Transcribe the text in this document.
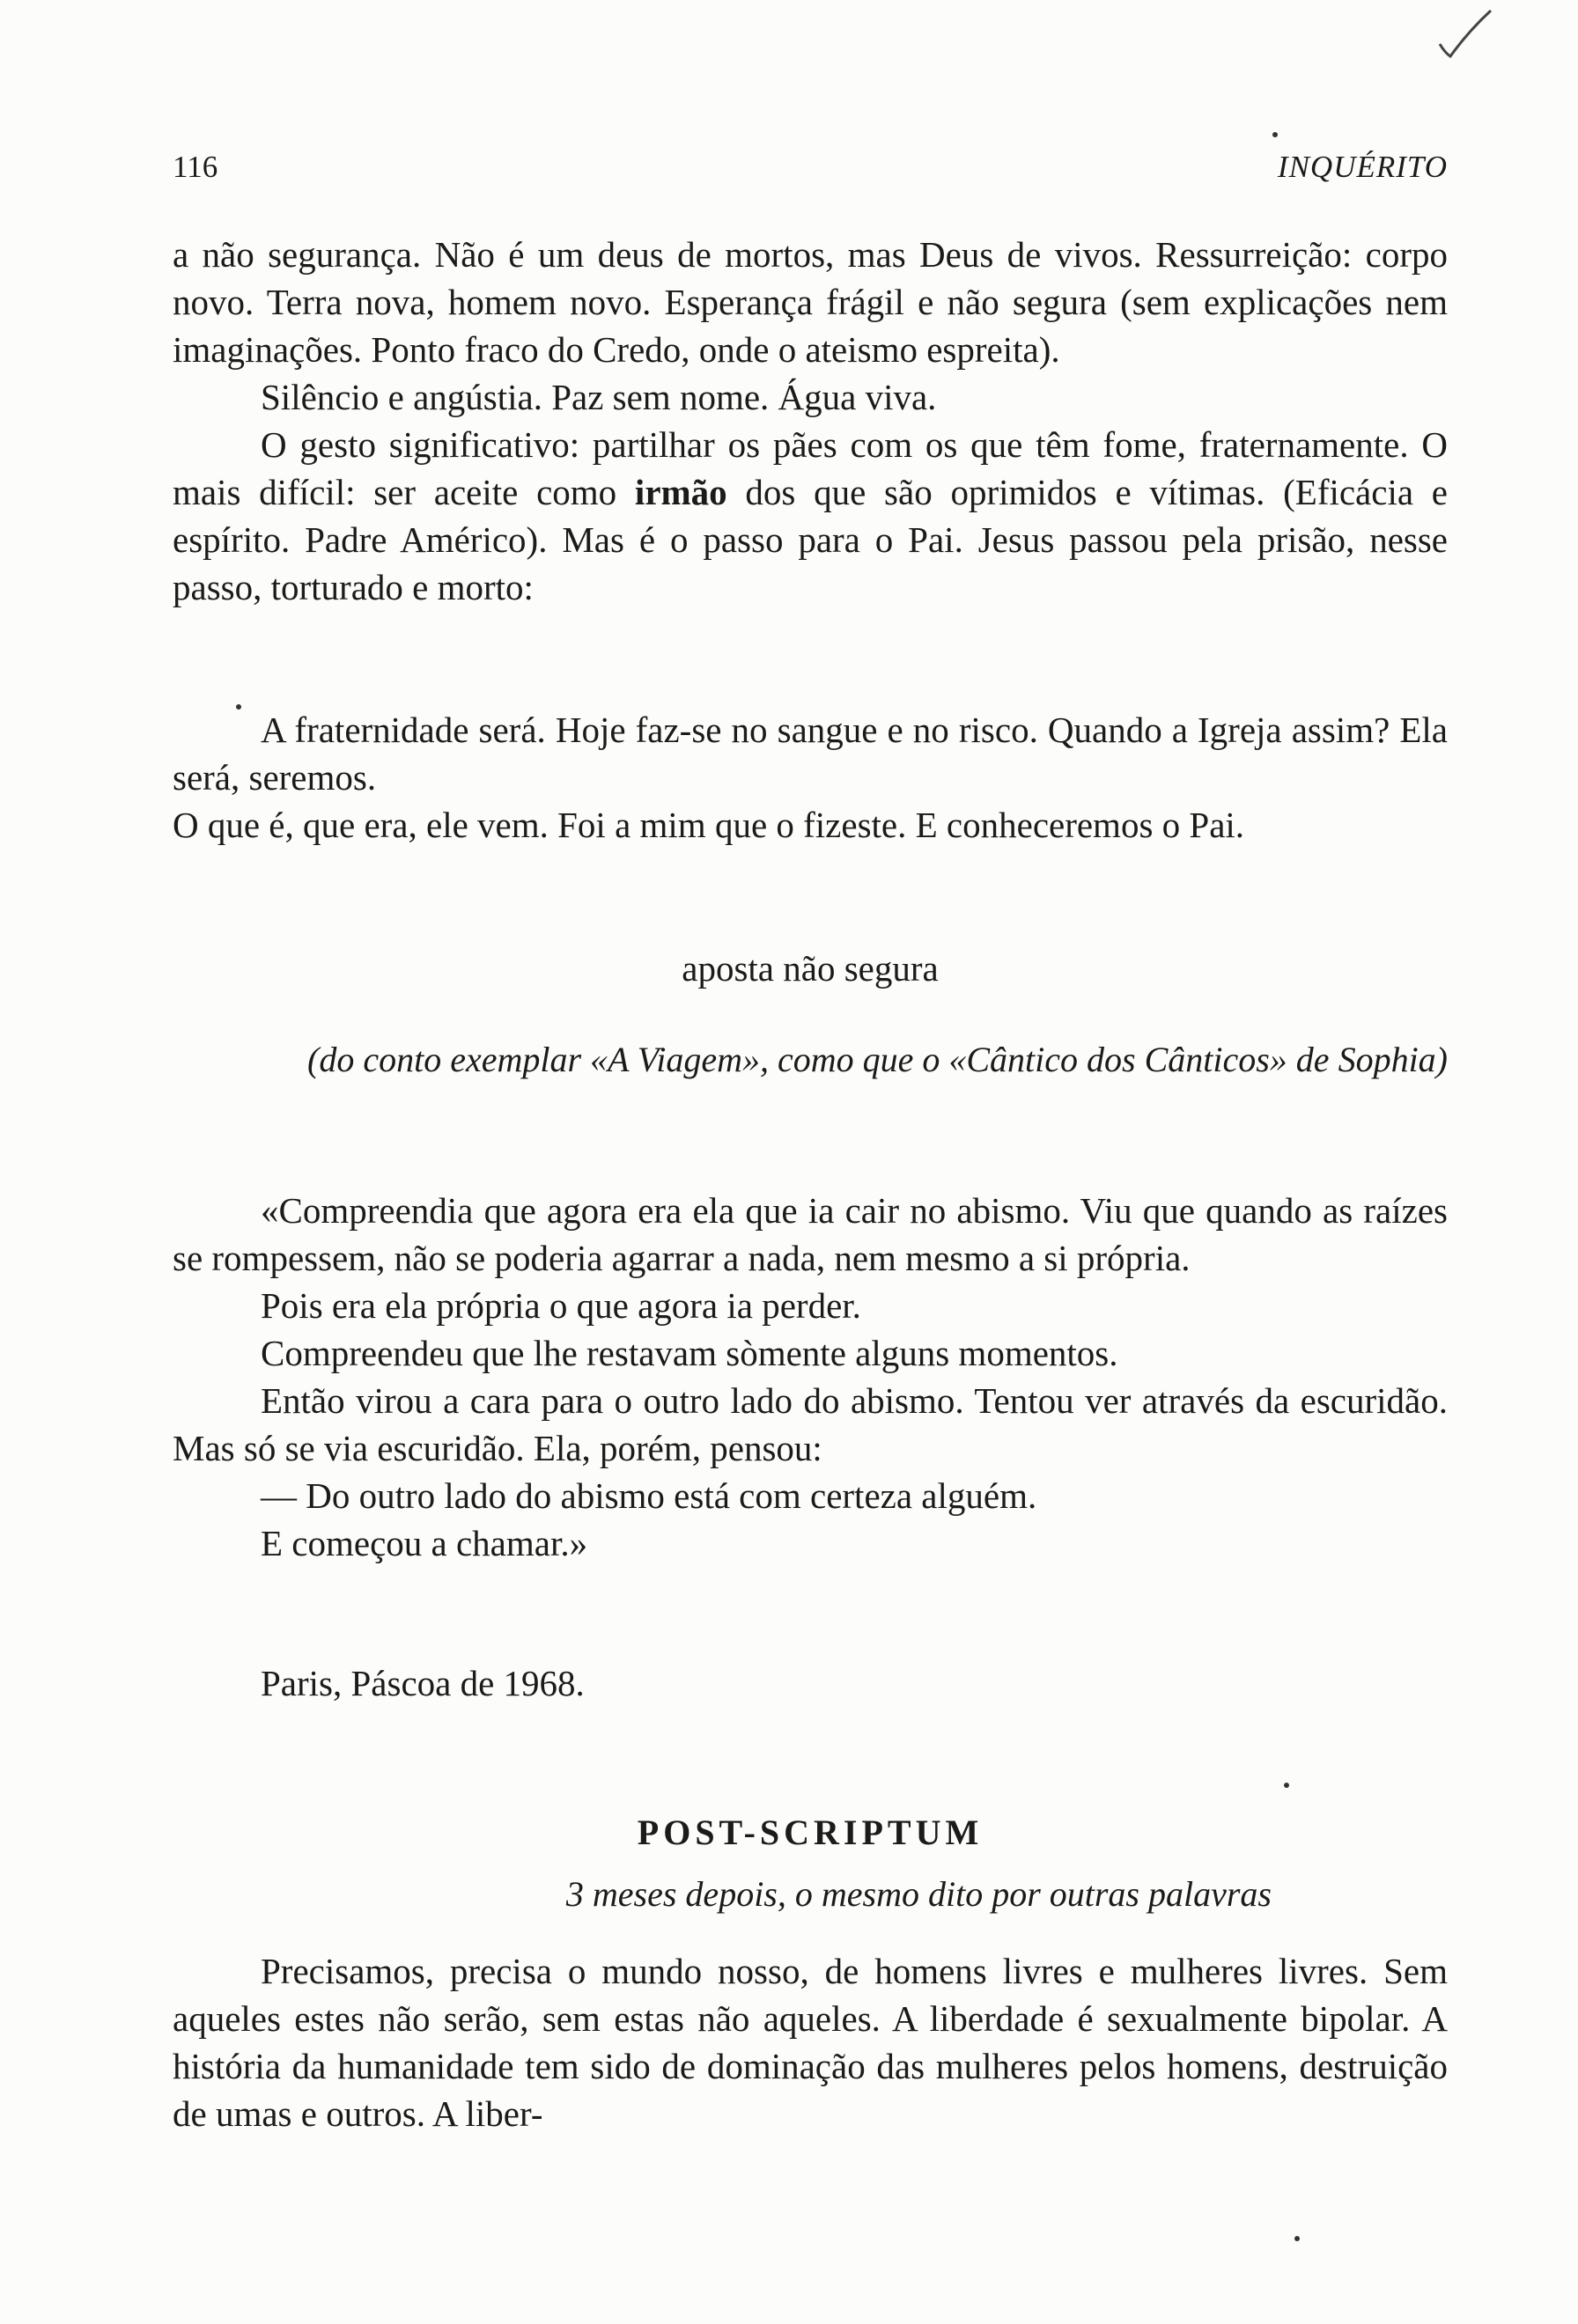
116	INQUÉRITO

a não segurança. Não é um deus de mortos, mas Deus de vivos. Ressurreição: corpo novo. Terra nova, homem novo. Esperança frágil e não segura (sem explicações nem imaginações. Ponto fraco do Credo, onde o ateismo espreita).

Silêncio e angústia. Paz sem nome. Água viva.

O gesto significativo: partilhar os pães com os que têm fome, fraternamente. O mais difícil: ser aceite como irmão dos que são oprimidos e vítimas. (Eficácia e espírito. Padre Américo). Mas é o passo para o Pai. Jesus passou pela prisão, nesse passo, torturado e morto:

A fraternidade será. Hoje faz-se no sangue e no risco. Quando a Igreja assim? Ela será, seremos.

O que é, que era, ele vem. Foi a mim que o fizeste. E conheceremos o Pai.

aposta não segura
(do conto exemplar «A Viagem», como que o «Cântico dos Cânticos» de Sophia)

«Compreendia que agora era ela que ia cair no abismo. Viu que quando as raízes se rompessem, não se poderia agarrar a nada, nem mesmo a si própria.

Pois era ela própria o que agora ia perder.

Compreendeu que lhe restavam sòmente alguns momentos.

Então virou a cara para o outro lado do abismo. Tentou ver através da escuridão. Mas só se via escuridão. Ela, porém, pensou:

— Do outro lado do abismo está com certeza alguém.

E começou a chamar.»

Paris, Páscoa de 1968.
POST-SCRIPTUM
3 meses depois, o mesmo dito por outras palavras

Precisamos, precisa o mundo nosso, de homens livres e mulheres livres. Sem aqueles estes não serão, sem estas não aqueles. A liberdade é sexualmente bipolar. A história da humanidade tem sido de dominação das mulheres pelos homens, destruição de umas e outros. A liber-
